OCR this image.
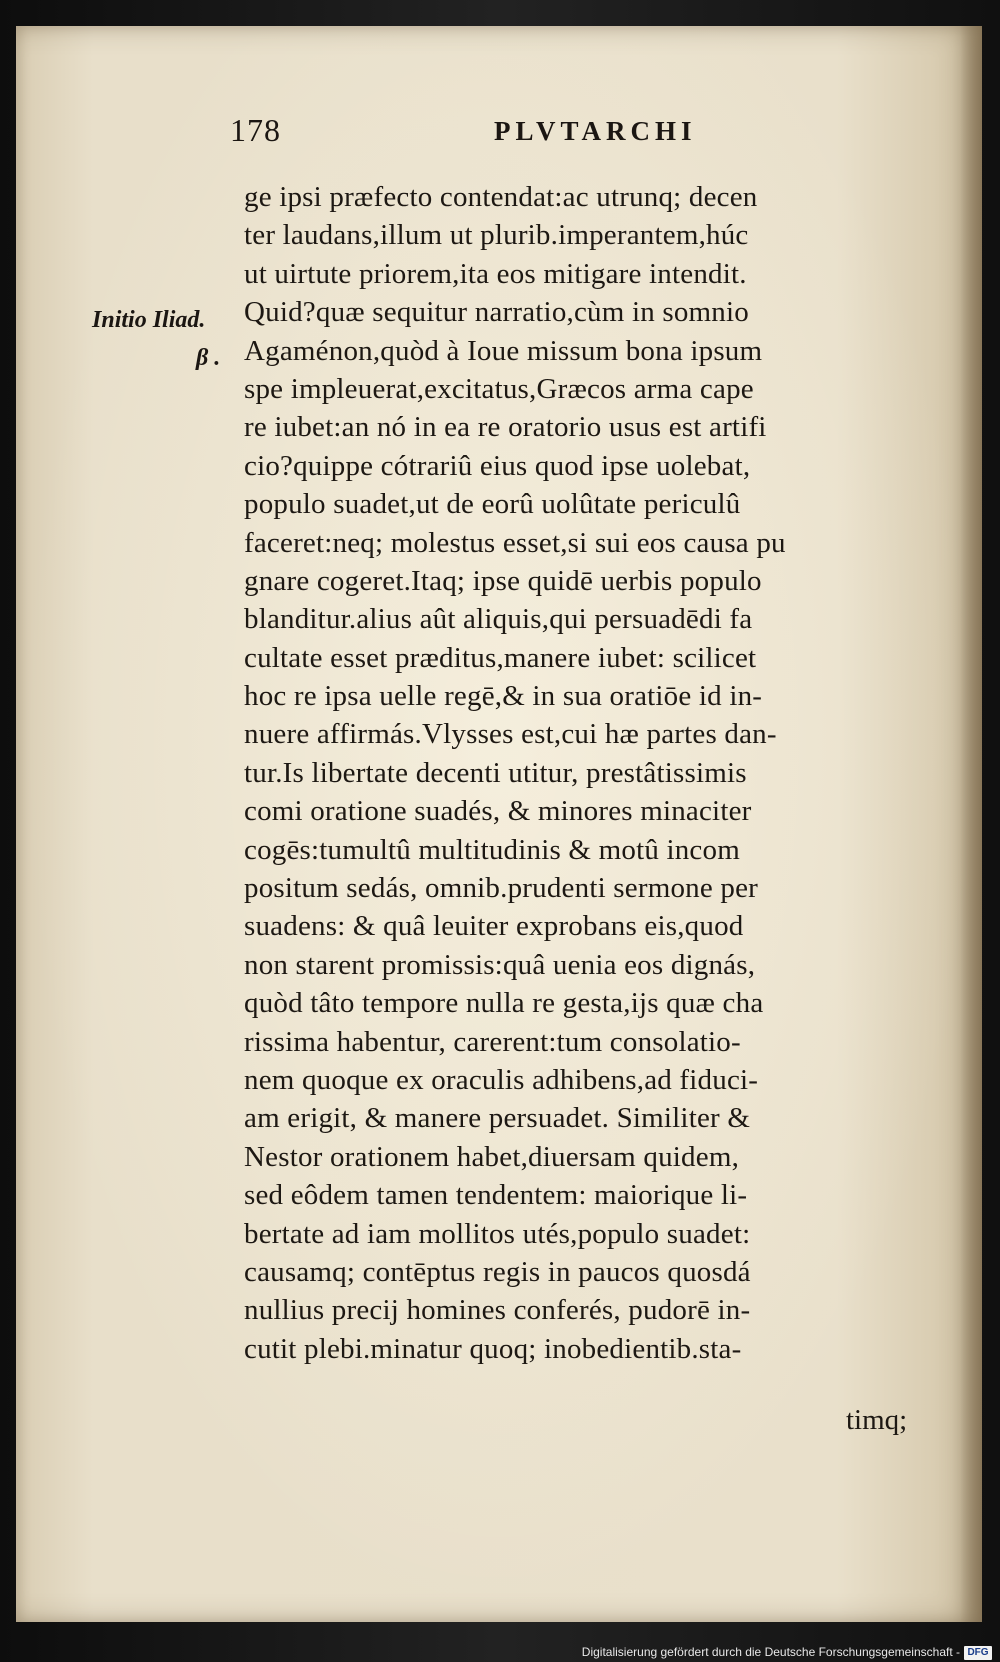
178	PLVTARCHI
Initio Iliad.
β .
ge ipsi præfecto contendat:ac utrunq; decen
ter laudans,illum ut plurib.imperantem,húc
ut uirtute priorem,ita eos mitigare intendit.
Quid?quæ sequitur narratio,cùm in somnio
Agaménon,quòd à Ioue missum bona ipsum
spe impleuerat,excitatus,Græcos arma cape
re iubet:an nó in ea re oratorio usus est artifi
cio?quippe cótrariû eius quod ipse uolebat,
populo suadet,ut de eorû uolûtate periculû
faceret:neq; molestus esset,si sui eos causa pu
gnare cogeret.Itaq; ipse quidē uerbis populo
blanditur.alius aût aliquis,qui persuadēdi fa
cultate esset præditus,manere iubet: scilicet
hoc re ipsa uelle regē,& in sua oratiōe id in-
nuere affirmás.Vlysses est,cui hæ partes dan-
tur.Is libertate decenti utitur, prestâtissimis
comi oratione suadés, & minores minaciter
cogēs:tumultû multitudinis & motû incom
positum sedás, omnib.prudenti sermone per
suadens: & quâ leuiter exprobans eis,quod
non starent promissis:quâ uenia eos dignás,
quòd tâto tempore nulla re gesta,ijs quæ cha
rissima habentur, carerent:tum consolatio-
nem quoque ex oraculis adhibens,ad fiduci-
am erigit, & manere persuadet. Similiter &
Nestor orationem habet,diuersam quidem,
sed eôdem tamen tendentem: maiorique li-
bertate ad iam mollitos utés,populo suadet:
causamq; contēptus regis in paucos quosdá
nullius precij homines conferés, pudorē in-
cutit plebi.minatur quoq; inobedientib.sta-
timq;
Digitalisierung gefördert durch die Deutsche Forschungsgemeinschaft - DFG
